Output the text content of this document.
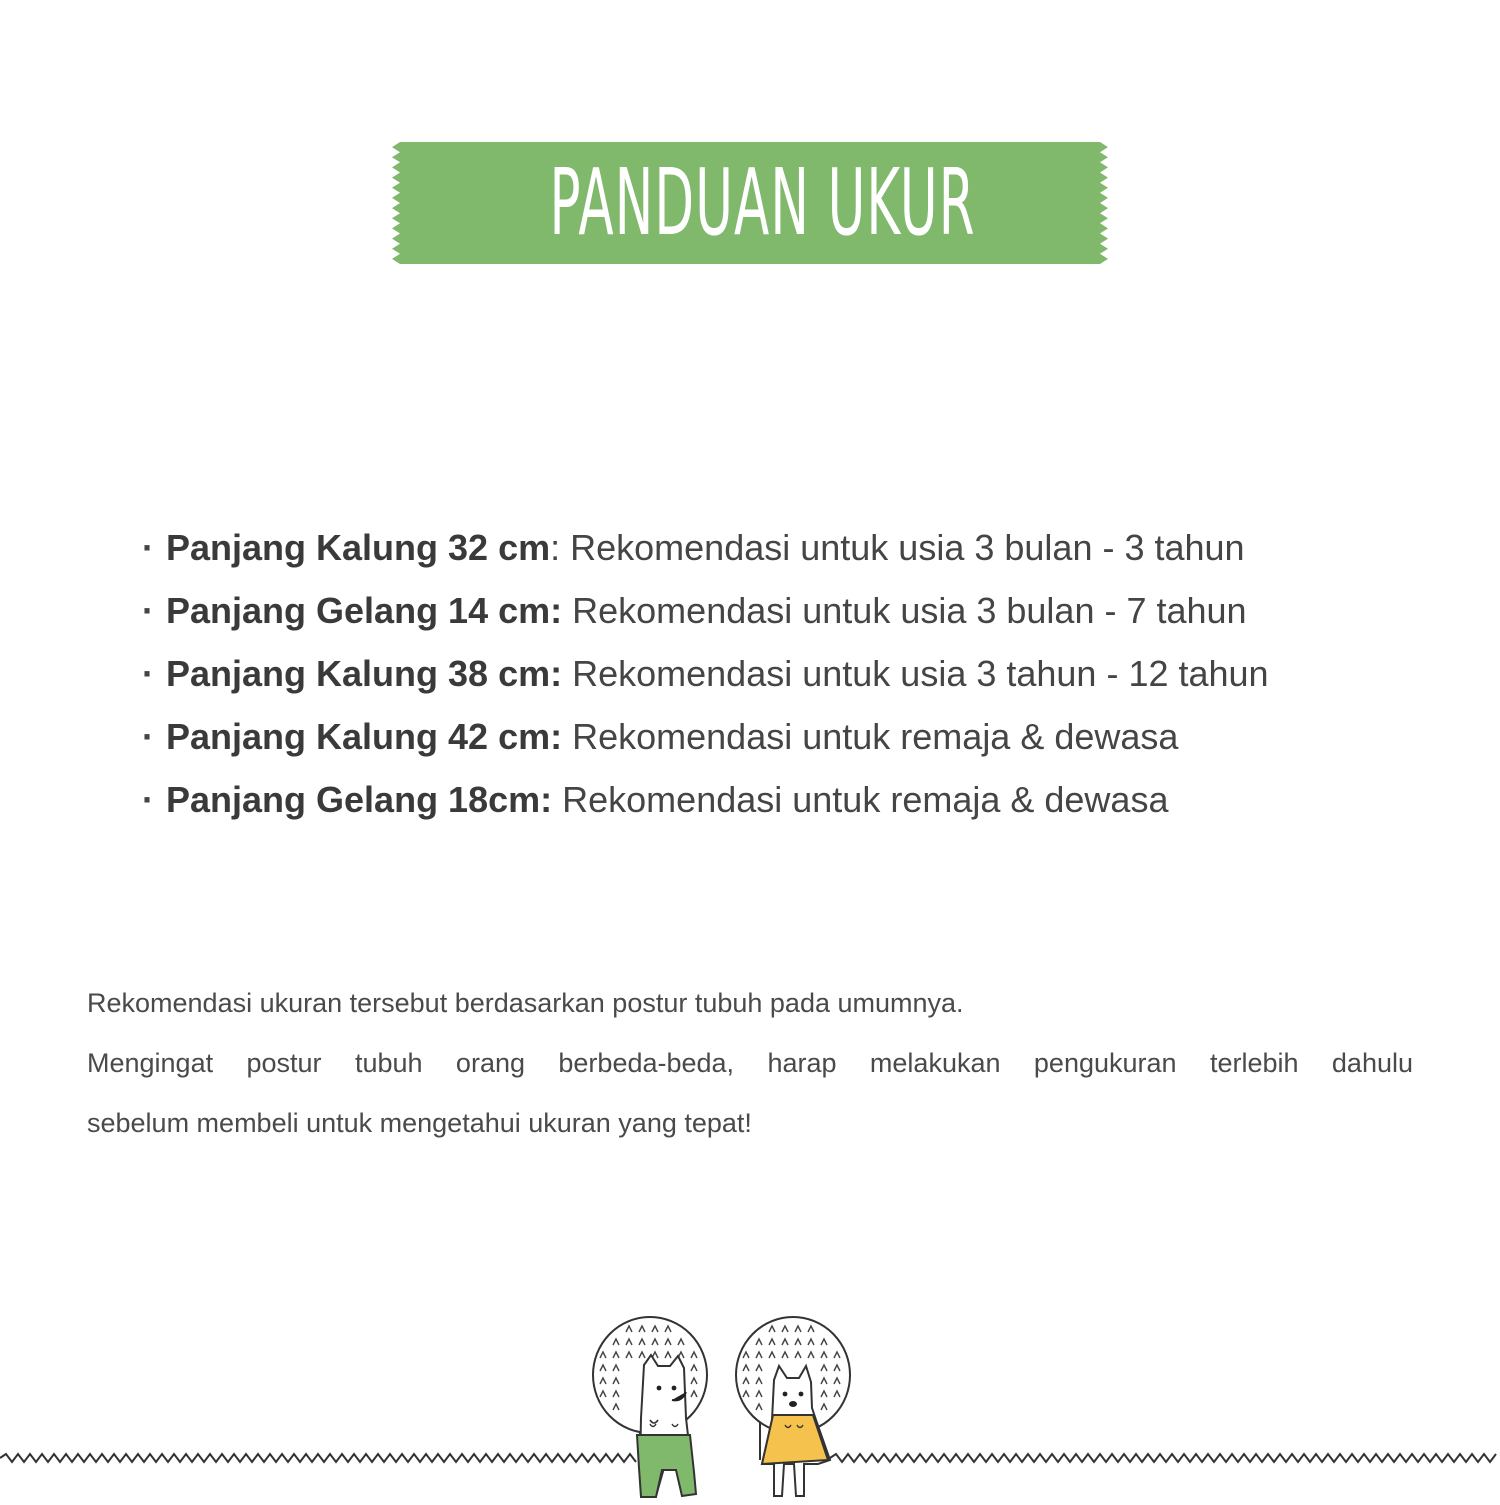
PANDUAN UKUR
· Panjang Kalung 32 cm: Rekomendasi untuk usia 3 bulan - 3 tahun
· Panjang Gelang 14 cm: Rekomendasi untuk usia 3 bulan - 7 tahun
· Panjang Kalung 38 cm: Rekomendasi untuk usia 3 tahun - 12 tahun
· Panjang Kalung 42 cm: Rekomendasi untuk remaja & dewasa
· Panjang Gelang 18cm: Rekomendasi untuk remaja & dewasa
Rekomendasi ukuran tersebut berdasarkan postur tubuh pada umumnya.
Mengingat postur tubuh orang berbeda-beda, harap melakukan pengukuran terlebih dahulu
sebelum membeli untuk mengetahui ukuran yang tepat!
